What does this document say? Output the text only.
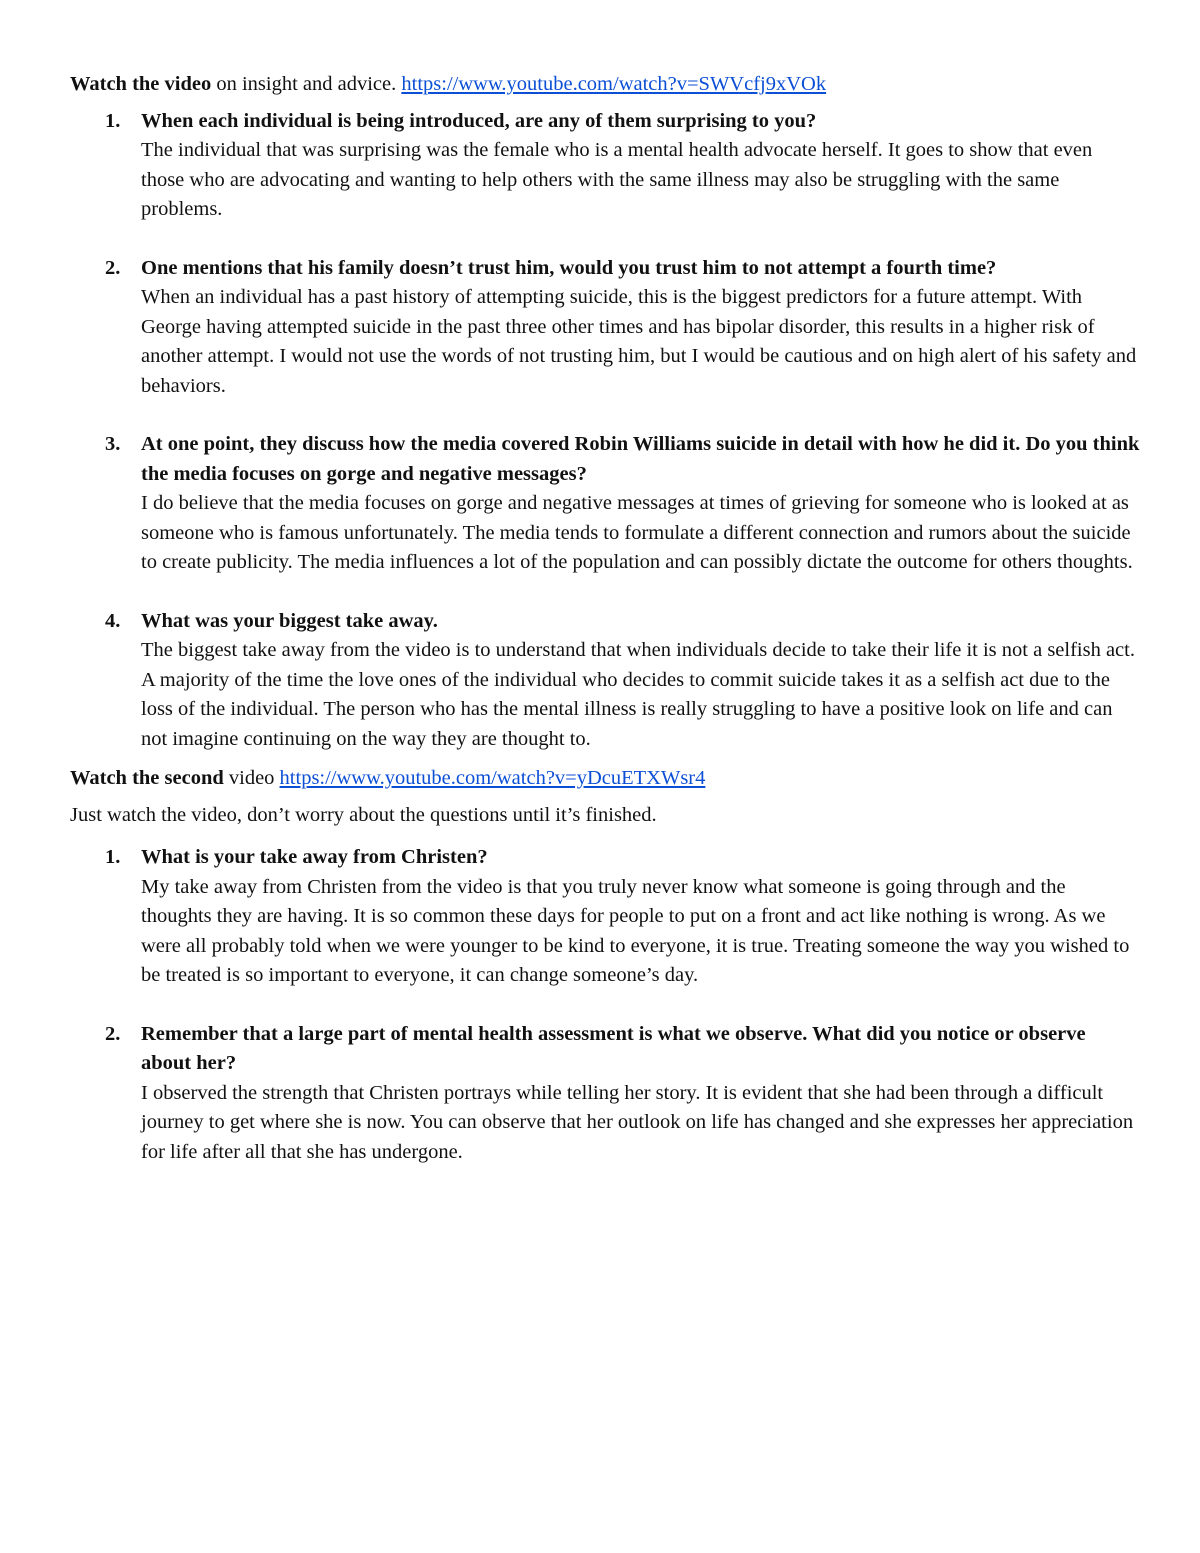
Watch the video on insight and advice. https://www.youtube.com/watch?v=SWVcfj9xVOk

1. When each individual is being introduced, are any of them surprising to you?

The individual that was surprising was the female who is a mental health advocate herself. It goes to show that even those who are advocating and wanting to help others with the same illness may also be struggling with the same problems.

2. One mentions that his family doesn’t trust him, would you trust him to not attempt a fourth time?

When an individual has a past history of attempting suicide, this is the biggest predictors for a future attempt. With George having attempted suicide in the past three other times and has bipolar disorder, this results in a higher risk of another attempt. I would not use the words of not trusting him, but I would be cautious and on high alert of his safety and behaviors.

3. At one point, they discuss how the media covered Robin Williams suicide in detail with how he did it. Do you think the media focuses on gorge and negative messages?

I do believe that the media focuses on gorge and negative messages at times of grieving for someone who is looked at as someone who is famous unfortunately. The media tends to formulate a different connection and rumors about the suicide to create publicity. The media influences a lot of the population and can possibly dictate the outcome for others thoughts.

4. What was your biggest take away.

The biggest take away from the video is to understand that when individuals decide to take their life it is not a selfish act. A majority of the time the love ones of the individual who decides to commit suicide takes it as a selfish act due to the loss of the individual. The person who has the mental illness is really struggling to have a positive look on life and can not imagine continuing on the way they are thought to.

Watch the second video https://www.youtube.com/watch?v=yDcuETXWsr4

Just watch the video, don’t worry about the questions until it’s finished.

1. What is your take away from Christen?

My take away from Christen from the video is that you truly never know what someone is going through and the thoughts they are having. It is so common these days for people to put on a front and act like nothing is wrong. As we were all probably told when we were younger to be kind to everyone, it is true. Treating someone the way you wished to be treated is so important to everyone, it can change someone’s day.

2. Remember that a large part of mental health assessment is what we observe. What did you notice or observe about her?

I observed the strength that Christen portrays while telling her story. It is evident that she had been through a difficult journey to get where she is now. You can observe that her outlook on life has changed and she expresses her appreciation for life after all that she has undergone.
